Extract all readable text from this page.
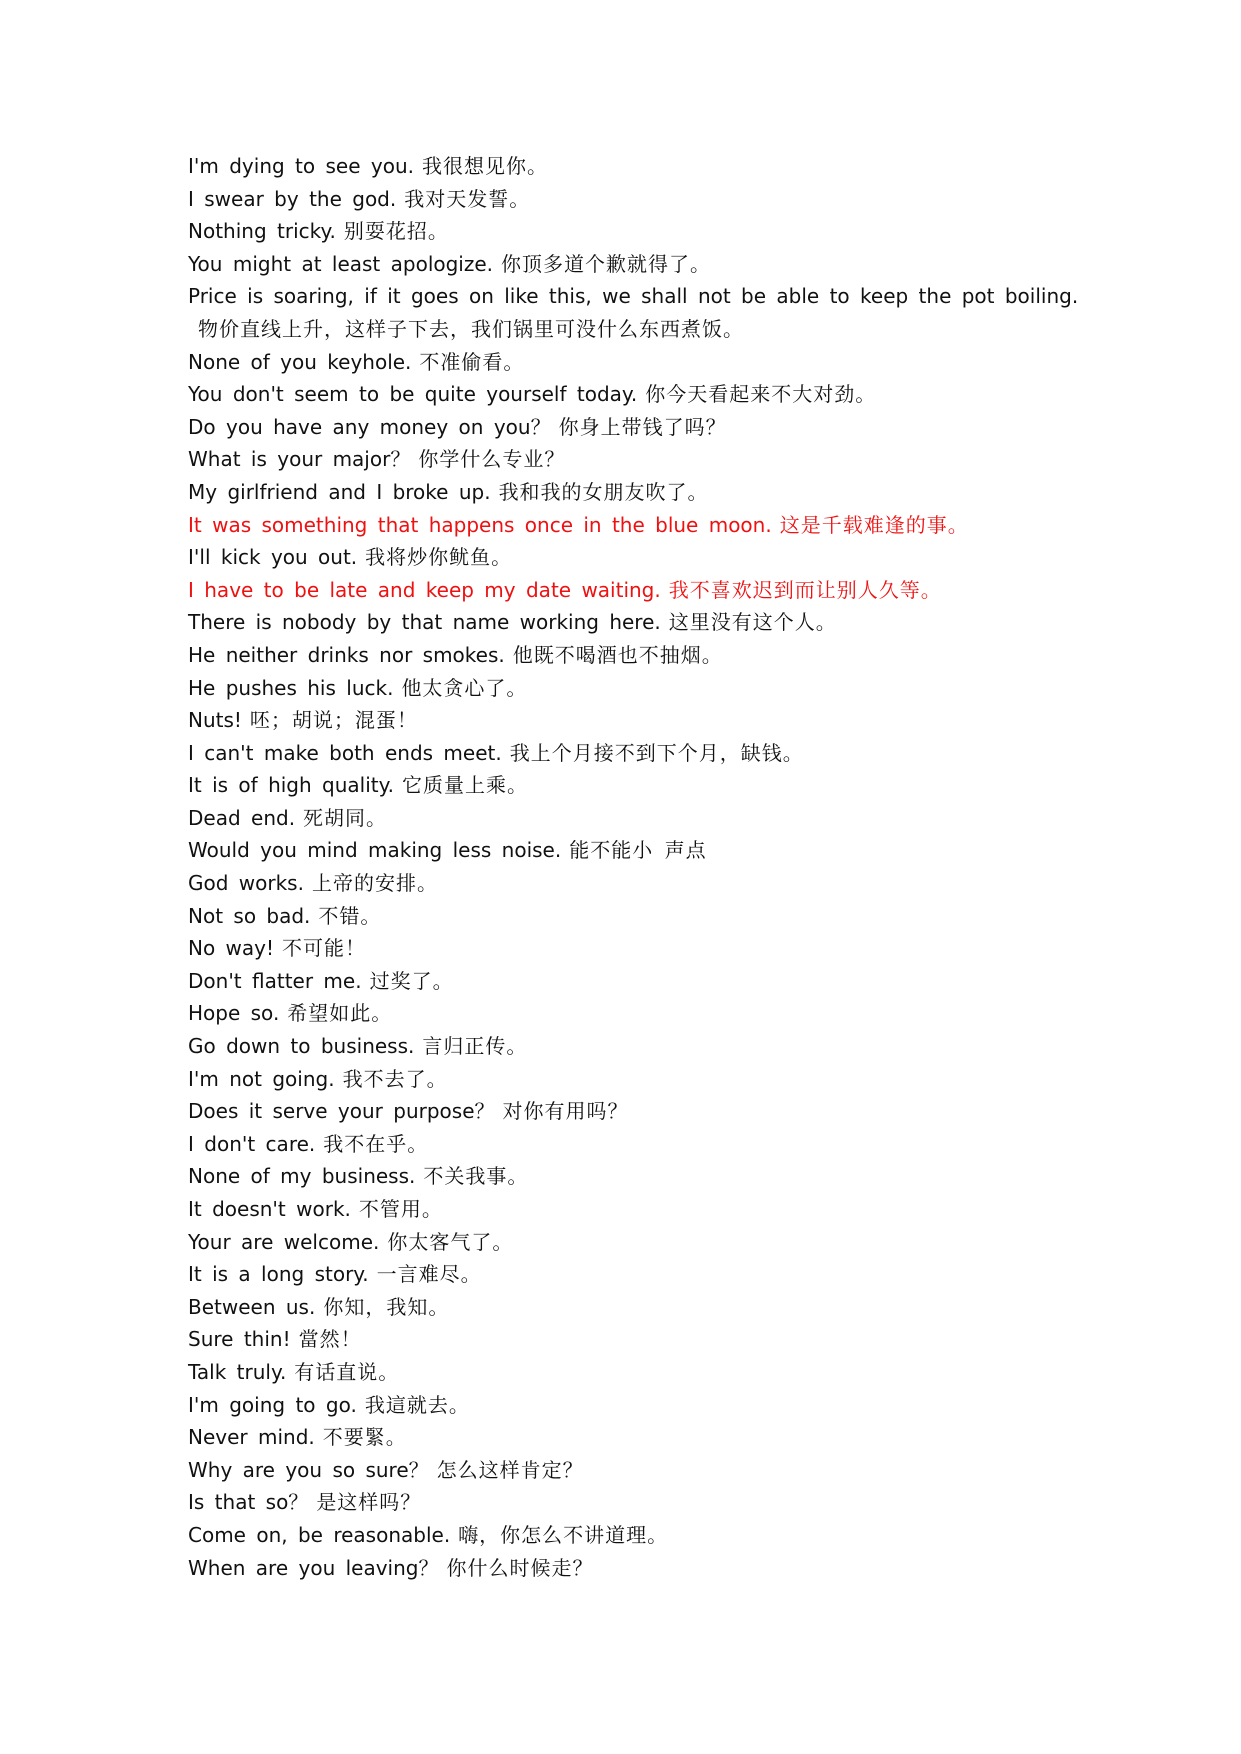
I'm dying to see you. 我很想见你。
I swear by the god. 我对天发誓。
Nothing tricky. 别耍花招。
You might at least apologize. 你顶多道个歉就得了。
Price is soaring, if it goes on like this, we shall not be able to keep the pot boiling.
物价直线上升，这样子下去，我们锅里可没什么东西煮饭。
None of you keyhole. 不准偷看。
You don't seem to be quite yourself today. 你今天看起来不大对劲。
Do you have any money on you？ 你身上带钱了吗？
What is your major？ 你学什么专业？
My girlfriend and I broke up. 我和我的女朋友吹了。
It was something that happens once in the blue moon. 这是千载难逢的事。
I'll kick you out. 我将炒你鱿鱼。
I have to be late and keep my date waiting. 我不喜欢迟到而让别人久等。
There is nobody by that name working here. 这里没有这个人。
He neither drinks nor smokes. 他既不喝酒也不抽烟。
He pushes his luck. 他太贪心了。
Nuts! 呸；胡说；混蛋！
I can't make both ends meet. 我上个月接不到下个月，缺钱。
It is of high quality. 它质量上乘。
Dead end. 死胡同。
Would you mind making less noise. 能不能小 声点
God works. 上帝的安排。
Not so bad. 不错。
No way! 不可能！
Don't flatter me. 过奖了。
Hope so. 希望如此。
Go down to business. 言归正传。
I'm not going. 我不去了。
Does it serve your purpose？ 对你有用吗？
I don't care. 我不在乎。
None of my business. 不关我事。
It doesn't work. 不管用。
Your are welcome. 你太客气了。
It is a long story. 一言难尽。
Between us. 你知，我知。
Sure thin! 當然！
Talk truly. 有话直说。
I'm going to go. 我這就去。
Never mind. 不要緊。
Why are you so sure？ 怎么这样肯定？
Is that so？ 是这样吗？
Come on, be reasonable. 嗨，你怎么不讲道理。
When are you leaving？ 你什么时候走？
